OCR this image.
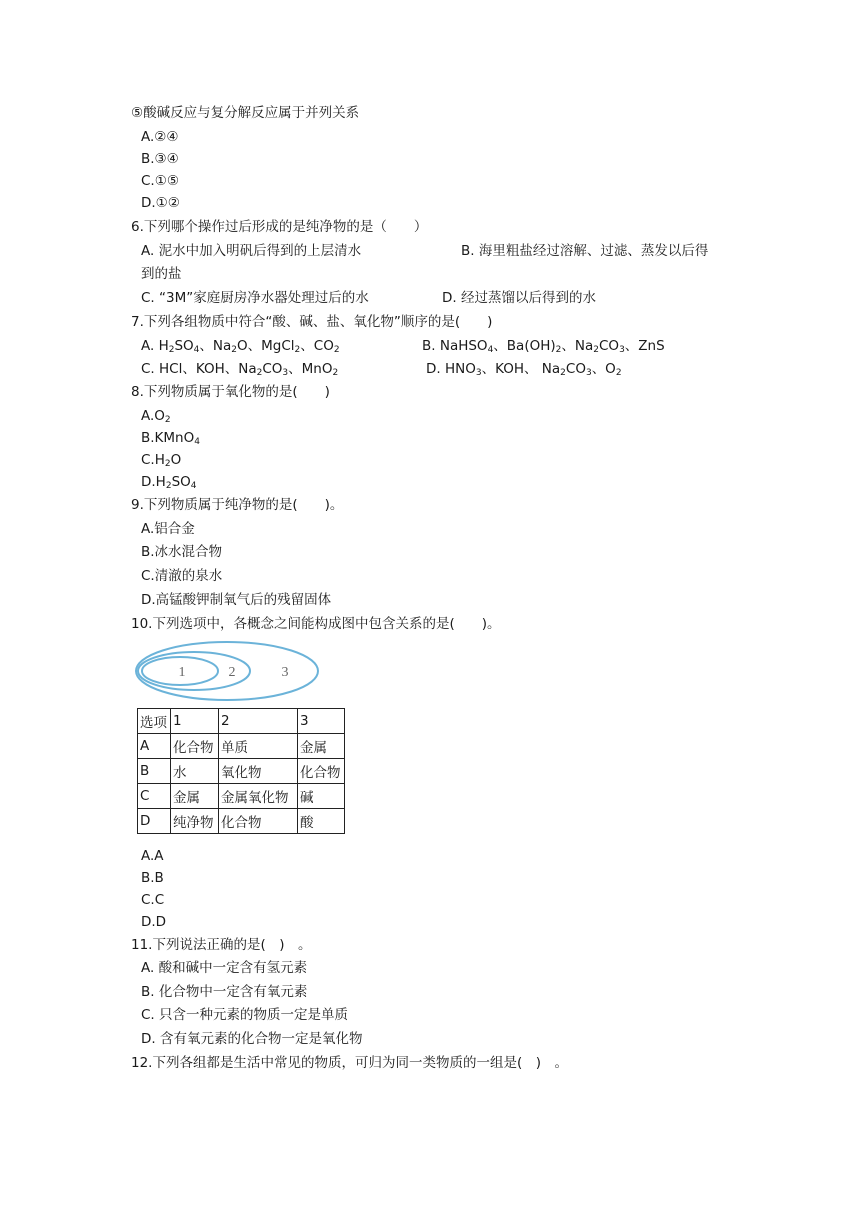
⑤酸碱反应与复分解反应属于并列关系
A.②④
B.③④
C.①⑤
D.①②
6.下列哪个操作过后形成的是纯净物的是（　　）
A. 泥水中加入明矾后得到的上层清水	B. 海里粗盐经过溶解、过滤、蒸发以后得
到的盐
C. “3M”家庭厨房净水器处理过后的水	D. 经过蒸馏以后得到的水
7.下列各组物质中符合“酸、碱、盐、氧化物”顺序的是(　　)
A. $H_2SO_4$、$Na_2O$、MgCl$_2$、$CO_2$	B. NaHSO$_4$、$Ba(OH)_2$、$Na_2CO_3$、ZnS
C. HCl、KOH、$Na_2CO_3$、MnO$_2$	D. $HNO_3$、KOH、 $Na_2CO_3$、$O_2$
8.下列物质属于氧化物的是(　　)
$A.O_2$
B.KMnO$_4$
$C.H_2O$
$D.H_2SO_4$
9.下列物质属于纯净物的是(　　)。
A.铝合金
B.冰水混合物
C.清澈的泉水
D.高锰酸钾制氧气后的残留固体
10.下列选项中，各概念之间能构成图中包含关系的是(　　)。
1	2	3
选项	1	2	3
A	化合物	单质	金属
B	水	氧化物	化合物
C	金属	金属氧化物	碱
D	纯净物	化合物	酸
A.A
B.B
C.C
D.D
11.下列说法正确的是(　)　。
A. 酸和碱中一定含有氢元素
B. 化合物中一定含有氧元素
C. 只含一种元素的物质一定是单质
D. 含有氧元素的化合物一定是氧化物
12.下列各组都是生活中常见的物质，可归为同一类物质的一组是(　)　。
